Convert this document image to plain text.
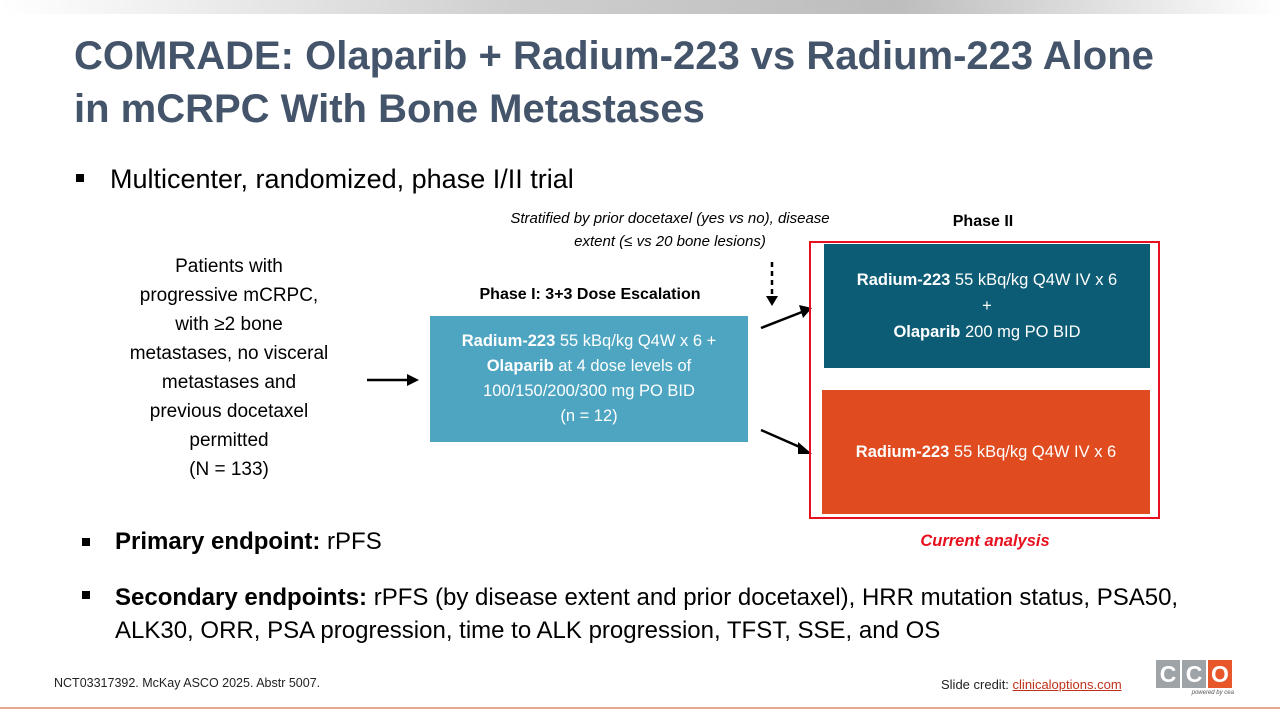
COMRADE: Olaparib + Radium-223 vs Radium-223 Alone in mCRPC With Bone Metastases
Multicenter, randomized, phase I/II trial
Stratified by prior docetaxel (yes vs no), disease extent (≤ vs 20 bone lesions)
Phase II
Patients with
progressive mCRPC,
with ≥2 bone
metastases, no visceral
metastases and
previous docetaxel
permitted
(N = 133)
Phase I: 3+3 Dose Escalation

Radium-223 55 kBq/kg Q4W x 6 +

Olaparib at 4 dose levels of

100/150/200/300 mg PO BID

(n = 12)

Radium-223 55 kBq/kg Q4W IV x 6

+

Olaparib 200 mg PO BID

Radium-223 55 kBq/kg Q4W IV x 6

Current analysis
Primary endpoint: rPFS
Secondary endpoints: rPFS (by disease extent and prior docetaxel), HRR mutation status, PSA50, ALK30, ORR, PSA progression, time to ALK progression, TFST, SSE, and OS
NCT03317392. McKay ASCO 2025. Abstr 5007.	Slide credit: clinicaloptions.com C C O
powered by cea
